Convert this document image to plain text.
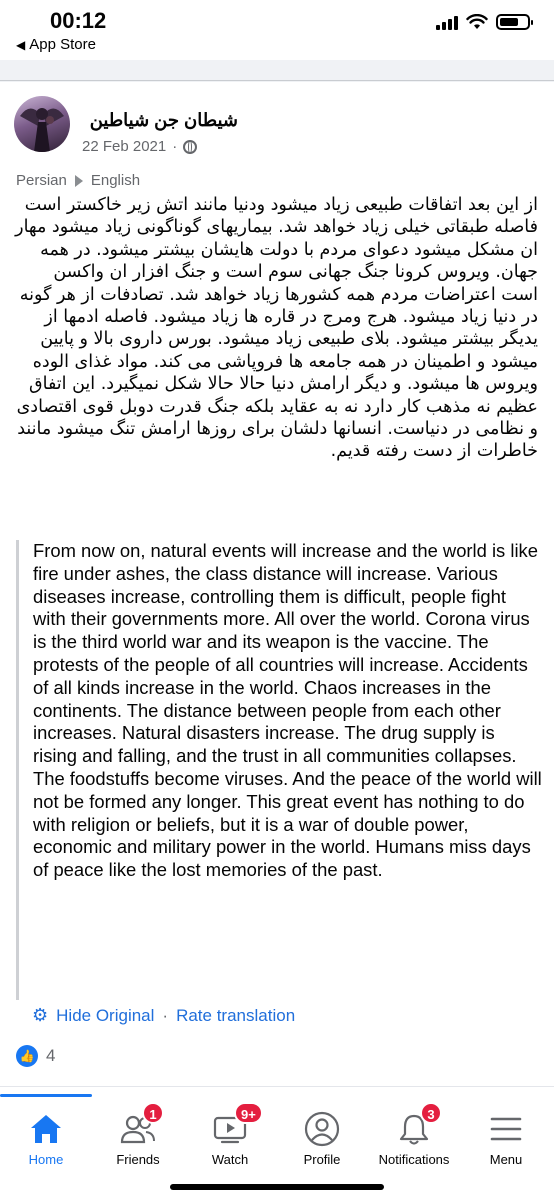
00:12
◀ App Store
شیطان جن شیاطین
22 Feb 2021 ·
Persian English
از این بعد اتفاقات طبیعی زیاد میشود ودنیا مانند اتش زیر خاکستر است فاصله طبقاتی خیلی زیاد خواهد شد. بیماریهای گوناگونی زیاد میشود مهار ان مشکل میشود دعوای مردم با دولت هایشان بیشتر میشود. در همه جهان. ویروس کرونا جنگ جهانی سوم است و جنگ افزار ان واکسن است اعتراضات مردم همه کشورها زیاد خواهد شد. تصادفات از هر گونه در دنیا زیاد میشود. هرج ومرج در قاره ها زیاد میشود. فاصله ادمها از یدیگر بیشتر میشود. بلای طبیعی زیاد میشود. بورس داروی بالا و پایین میشود و اطمینان در همه جامعه ها فروپاشی می کند. مواد غذای الوده ویروس ها میشود. و دیگر ارامش دنیا حالا حالا شکل نمیگیرد. این اتفاق عظیم نه مذهب کار دارد نه به عقاید بلکه جنگ قدرت دوبل قوی اقتصادی و نظامی در دنیاست. انسانها دلشان برای روزها ارامش تنگ میشود مانند خاطرات از دست رفته قدیم.
From now on, natural events will increase and the world is like fire under ashes, the class distance will increase. Various diseases increase, controlling them is difficult, people fight with their governments more. All over the world. Corona virus is the third world war and its weapon is the vaccine. The protests of the people of all countries will increase. Accidents of all kinds increase in the world. Chaos increases in the continents. The distance between people from each other increases. Natural disasters increase. The drug supply is rising and falling, and the trust in all communities collapses. The foodstuffs become viruses. And the peace of the world will not be formed any longer. This great event has nothing to do with religion or beliefs, but it is a war of double power, economic and military power in the world. Humans miss days of peace like the lost memories of the past.
⚙ Hide Original · Rate translation
👍 4
Home
1
Friends
9+
Watch	Profile
3
Notifications	Menu
